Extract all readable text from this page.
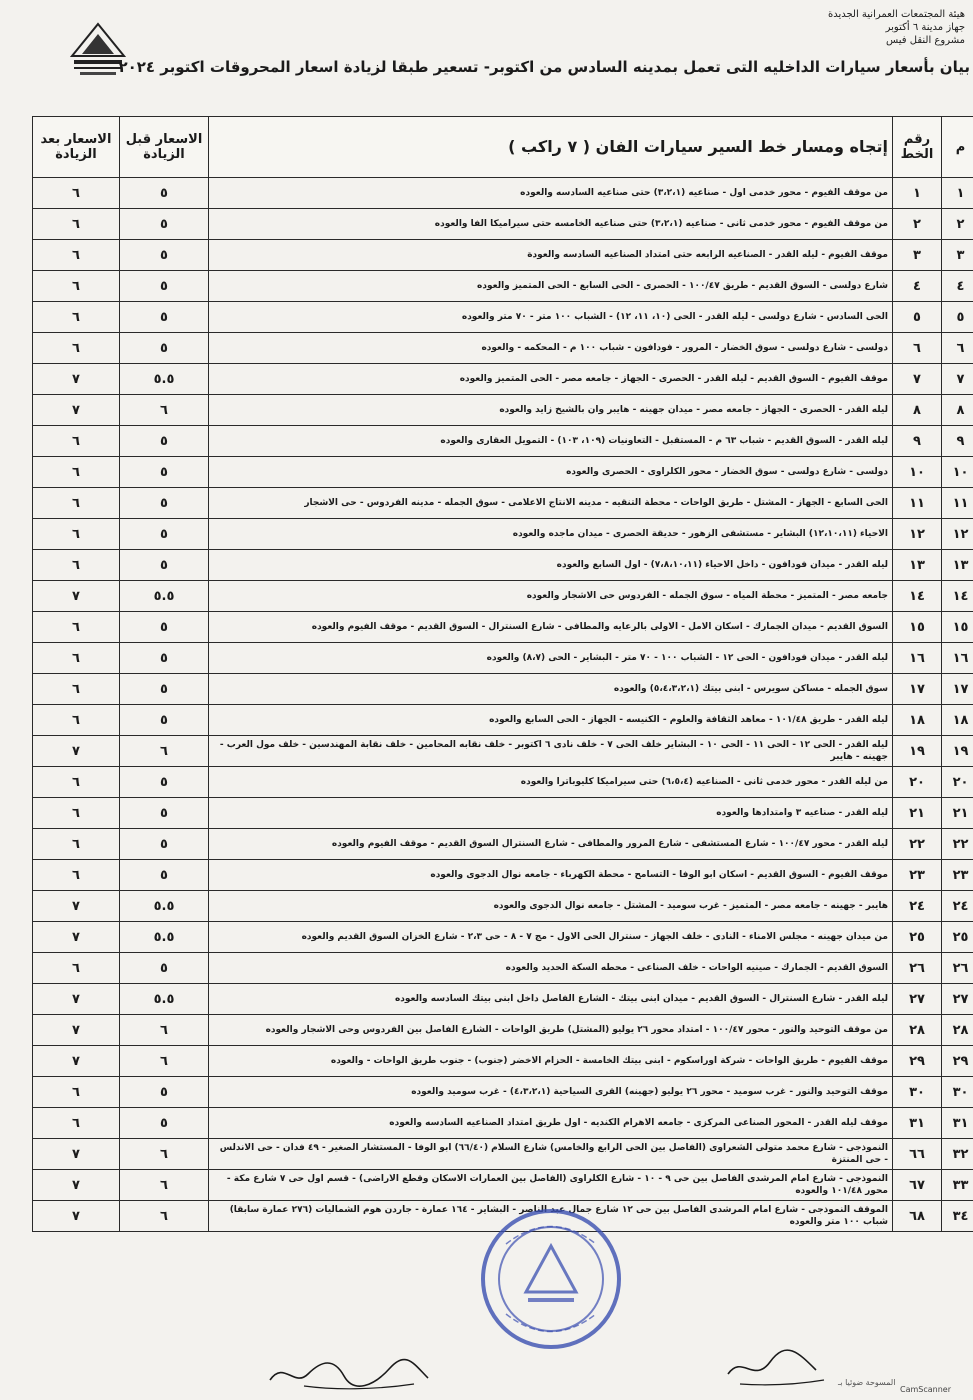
هيئة المجتمعات العمرانية الجديدة
جهاز مدينة ٦ أكتوبر
مشروع النقل فيس
بيان بأسعار سيارات الداخليه التى تعمل بمدينه السادس من اكتوبر- تسعير طبقا لزيادة اسعار المحروقات اكتوبر ٢٠٢٤
م	رقم الخط	إتجاه ومسار خط السير سيارات الفان ( ٧ راكب )	الاسعار قبل الزيادة	الاسعار بعد الزيادة
١	١	من موقف الفيوم - محور خدمى اول - صناعيه (٣،٢،١) حتى صناعيه السادسه والعوده	٥	٦
٢	٢	من موقف الفيوم - محور خدمى ثانى - صناعيه (٣،٢،١) حتى صناعيه الخامسه حتى سيراميكا الفا والعوده	٥	٦
٣	٣	موقف الفيوم - ليله القدر - الصناعيه الرابعه حتى امتداد الصناعيه السادسه والعودة	٥	٦
٤	٤	شارع دولسى - السوق القديم - طريق ١٠٠/٤٧ - الحصرى - الحى السابع - الحى المتميز والعوده	٥	٦
٥	٥	الحى السادس - شارع دولسى - ليله القدر - الحى (١٠، ١١، ١٢) - الشباب ١٠٠ متر - ٧٠ متر والعوده	٥	٦
٦	٦	دولسى - شارع دولسى - سوق الخضار - المرور - فودافون - شباب ١٠٠ م - المحكمه - والعوده	٥	٦
٧	٧	موقف الفيوم - السوق القديم - ليله القدر - الحصرى - الجهاز - جامعه مصر - الحى المتميز والعوده	٥.٥	٧
٨	٨	ليله القدر - الحصرى - الجهاز - جامعه مصر - ميدان جهينه - هايبر وان بالشيخ زايد والعوده	٦	٧
٩	٩	ليله القدر - السوق القديم - شباب ٦٣ م - المستقبل - التعاونيات (١٠٩، ١٠٣) - التمويل العقارى والعوده	٥	٦
١٠	١٠	دولسى - شارع دولسى - سوق الخضار - محور الكلراوى - الحصرى والعوده	٥	٦
١١	١١	الحى السابع - الجهاز - المشتل - طريق الواحات - محطة التنقيه - مدينه الانتاج الاعلامى - سوق الجمله - مدينه الفردوس - حى الاشجار	٥	٦
١٢	١٢	الاحياء (١٢،١٠،١١) البشاير - مستشفى الزهور - حديقة الحصرى - ميدان ماجده والعوده	٥	٦
١٣	١٣	ليله القدر - ميدان فودافون - داخل الاحياء (٧،٨،١٠،١١) - اول السابع والعوده	٥	٦
١٤	١٤	جامعه مصر - المتميز - محطة المياه - سوق الجمله - الفردوس حى الاشجار والعوده	٥.٥	٧
١٥	١٥	السوق القديم - ميدان الجمارك - اسكان الامل - الاولى بالرعايه والمطافى - شارع السنترال - السوق القديم - موقف الفيوم والعوده	٥	٦
١٦	١٦	ليله القدر - ميدان فودافون - الحى ١٢ - الشباب ١٠٠ - ٧٠ متر - البشاير - الحى (٨،٧) والعوده	٥	٦
١٧	١٧	سوق الجمله - مساكن سويرس - ابنى بيتك (٥،٤،٣،٢،١) والعوده	٥	٦
١٨	١٨	ليله القدر - طريق ١٠١/٤٨ - معاهد الثقافة والعلوم - الكنيسه - الجهاز - الحى السابع والعوده	٥	٦
١٩	١٩	ليله القدر - الحى ١٢ - الحى ١١ - الحى ١٠ - البشاير خلف الحى ٧ - خلف نادى ٦ اكتوبر - خلف نقابه المحامين - خلف نقابة المهندسين - خلف مول العرب - جهينه - هايبر	٦	٧
٢٠	٢٠	من ليله القدر - محور خدمى ثانى - الصناعيه (٦،٥،٤) حتى سيراميكا كليوباترا والعوده	٥	٦
٢١	٢١	ليله القدر - صناعيه ٣ وامتدادها والعوده	٥	٦
٢٢	٢٢	ليله القدر - محور ١٠٠/٤٧ - شارع المستشفى - شارع المرور والمطافى - شارع السنترال السوق القديم - موقف الفيوم والعوده	٥	٦
٢٣	٢٣	موقف الفيوم - السوق القديم - اسكان ابو الوفا - التسامح - محطة الكهرباء - جامعه نوال الدجوى والعوده	٥	٦
٢٤	٢٤	هايبر - جهينه - جامعه مصر - المتميز - غرب سوميد - المشتل - جامعه نوال الدجوى والعوده	٥.٥	٧
٢٥	٢٥	من ميدان جهينه - مجلس الامناء - النادى - خلف الجهاز - سنترال الحى الاول - مج ٧ - ٨ - حى ٢،٣ - شارع الخزان السوق القديم والعوده	٥.٥	٧
٢٦	٢٦	السوق القديم - الجمارك - صينيه الواحات - خلف الصناعى - محطه السكة الحديد والعوده	٥	٦
٢٧	٢٧	ليله القدر - شارع السنترال - السوق القديم - ميدان ابنى بيتك - الشارع الفاصل داخل ابنى بيتك السادسه والعوده	٥.٥	٧
٢٨	٢٨	من موقف التوحيد والنور - محور ١٠٠/٤٧ - امتداد محور ٢٦ يوليو (المشتل) طريق الواحات - الشارع الفاصل بين الفردوس وحى الاشجار والعوده	٦	٧
٢٩	٢٩	موقف الفيوم - طريق الواحات - شركة اوراسكوم - ابنى بيتك الخامسة - الحزام الاخضر (جنوب) - جنوب طريق الواحات - والعوده	٦	٧
٣٠	٣٠	موقف التوحيد والنور - غرب سوميد - محور ٢٦ يوليو (جهينه) القرى السياحية (٤،٣،٢،١) - غرب سوميد والعوده	٥	٦
٣١	٣١	موقف ليله القدر - المحور الصناعى المركزى - جامعه الاهرام الكنديه - اول طريق امتداد الصناعيه السادسه والعوده	٥	٦
٣٢	٦٦	النموذجى - شارع محمد متولى الشعراوى (الفاصل بين الحى الرابع والخامس) شارع السلام (٦٦/٤٠) ابو الوفا - المستشار الصغير - ٤٩ فدان - حى الاندلس - حى المنتزة	٦	٧
٣٣	٦٧	النموذجى - شارع امام المرشدى الفاصل بين حى ٩ - ١٠ - شارع الكلراوى (الفاصل بين العمارات الاسكان وقطع الاراضى) - قسم اول حى ٧ شارع مكة - محور ١٠١/٤٨ والعوده	٦	٧
٣٤	٦٨	الموقف النموذجى - شارع امام المرشدى الفاصل بين حى ١٢ شارع جمال عبد الناصر - البشاير - ١٦٤ عمارة - جاردن هوم الشماليات (٢٧٦ عمارة سابقا) شباب ١٠٠ متر والعوده	٦	٧
المسوحة ضوئيا بـ
CamScanner
